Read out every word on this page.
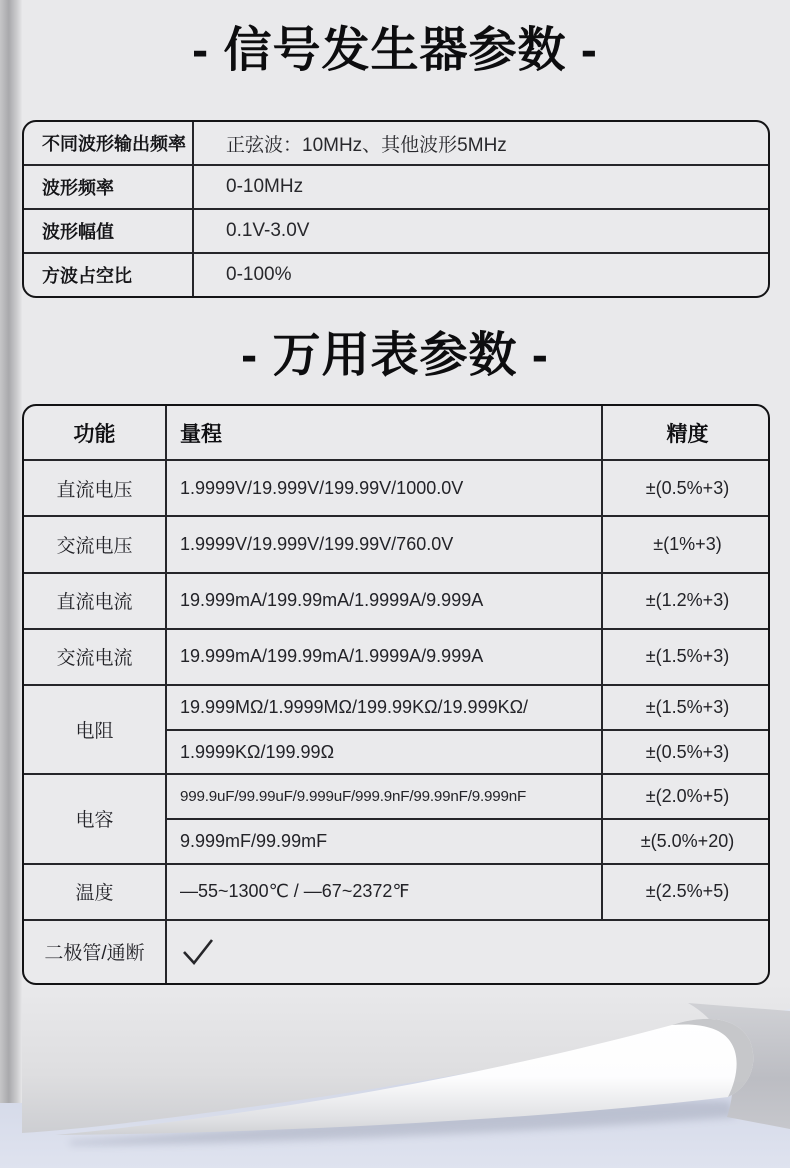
- 信号发生器参数 -
不同波形输出频率	正弦波：10MHz、其他波形5MHz
波形频率	0-10MHz
波形幅值	0.1V-3.0V
方波占空比	0-100%
- 万用表参数 -
功能	量程	精度
直流电压	1.9999V/19.999V/199.99V/1000.0V	±(0.5%+3)
交流电压	1.9999V/19.999V/199.99V/760.0V	±(1%+3)
直流电流	19.999mA/199.99mA/1.9999A/9.999A	±(1.2%+3)
交流电流	19.999mA/199.99mA/1.9999A/9.999A	±(1.5%+3)
电阻	19.999MΩ/1.9999MΩ/199.99KΩ/19.999KΩ/	±(1.5%+3)
	1.9999KΩ/199.99Ω	±(0.5%+3)
电容	999.9uF/99.99uF/9.999uF/999.9nF/99.99nF/9.999nF	±(2.0%+5)
	9.999mF/99.99mF	±(5.0%+20)
温度	—55~1300℃ / —67~2372℉	±(2.5%+5)
二极管/通断	
